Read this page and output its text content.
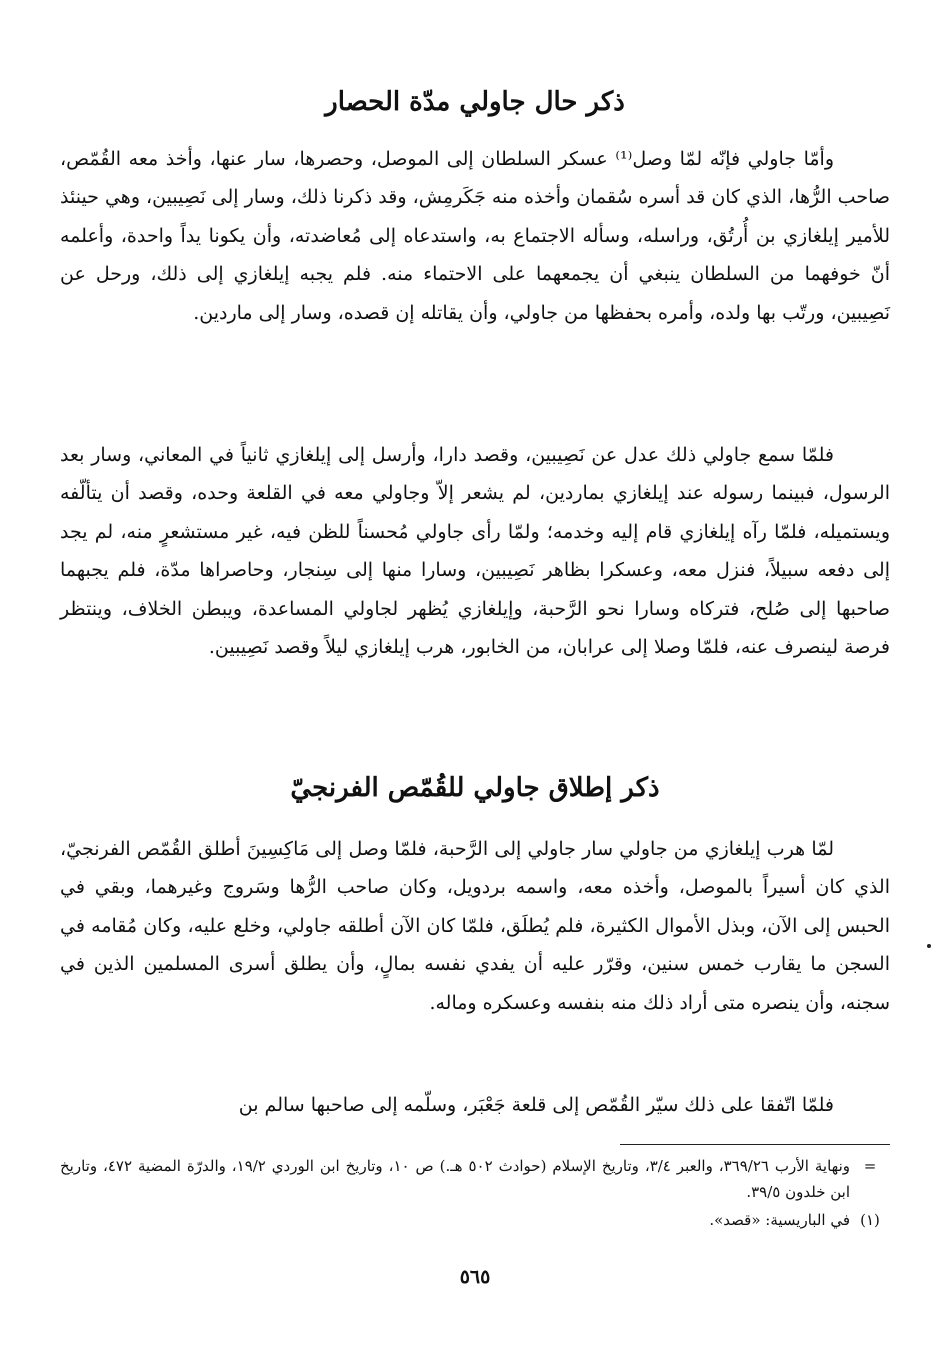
ذكر حال جاولي مدّة الحصار

وأمّا جاولي فإنّه لمّا وصل⁽¹⁾ عسكر السلطان إلى الموصل، وحصرها، سار عنها، وأخذ معه القُمّص، صاحب الرُّها، الذي كان قد أسره سُقمان وأخذه منه جَكَرمِش، وقد ذكرنا ذلك، وسار إلى نَصِيبين، وهي حينئذ للأمير إيلغازي بن أُرتُق، وراسله، وسأله الاجتماع به، واستدعاه إلى مُعاضدته، وأن يكونا يداً واحدة، وأعلمه أنّ خوفهما من السلطان ينبغي أن يجمعهما على الاحتماء منه. فلم يجبه إيلغازي إلى ذلك، ورحل عن نَصِيبين، ورتّب بها ولده، وأمره بحفظها من جاولي، وأن يقاتله إن قصده، وسار إلى ماردين.

فلمّا سمع جاولي ذلك عدل عن نَصِيبين، وقصد دارا، وأرسل إلى إيلغازي ثانياً في المعاني، وسار بعد الرسول، فبينما رسوله عند إيلغازي بماردين، لم يشعر إلاّ وجاولي معه في القلعة وحده، وقصد أن يتألّفه ويستميله، فلمّا رآه إيلغازي قام إليه وخدمه؛ ولمّا رأى جاولي مُحسناً للظن فيه، غير مستشعرٍ منه، لم يجد إلى دفعه سبيلاً، فنزل معه، وعسكرا بظاهر نَصِيبين، وسارا منها إلى سِنجار، وحاصراها مدّة، فلم يجبهما صاحبها إلى صُلح، فتركاه وسارا نحو الرَّحبة، وإيلغازي يُظهر لجاولي المساعدة، ويبطن الخلاف، وينتظر فرصة لينصرف عنه، فلمّا وصلا إلى عرابان، من الخابور، هرب إيلغازي ليلاً وقصد نَصِيبين.

ذكر إطلاق جاولي للقُمّص الفرنجيّ

لمّا هرب إيلغازي من جاولي سار جاولي إلى الرَّحبة، فلمّا وصل إلى مَاكِسِينَ أطلق القُمّص الفرنجيّ، الذي كان أسيراً بالموصل، وأخذه معه، واسمه بردويل، وكان صاحب الرُّها وسَروج وغيرهما، وبقي في الحبس إلى الآن، وبذل الأموال الكثيرة، فلم يُطلَق، فلمّا كان الآن أطلقه جاولي، وخلع عليه، وكان مُقامه في السجن ما يقارب خمس سنين، وقرّر عليه أن يفدي نفسه بمالٍ، وأن يطلق أسرى المسلمين الذين في سجنه، وأن ينصره متى أراد ذلك منه بنفسه وعسكره وماله.

فلمّا اتّفقا على ذلك سيّر القُمّص إلى قلعة جَعْبَر، وسلّمه إلى صاحبها سالم بن

=
ونهاية الأرب ٣٦٩/٢٦، والعبر ٣/٤، وتاريخ الإسلام (حوادث ٥٠٢ هـ.) ص ١٠، وتاريخ ابن الوردي ١٩/٢، والدرّة المضية ٤٧٢، وتاريخ ابن خلدون ٣٩/٥.
(١)
في الباريسية: «قصد».
٥٦٥
